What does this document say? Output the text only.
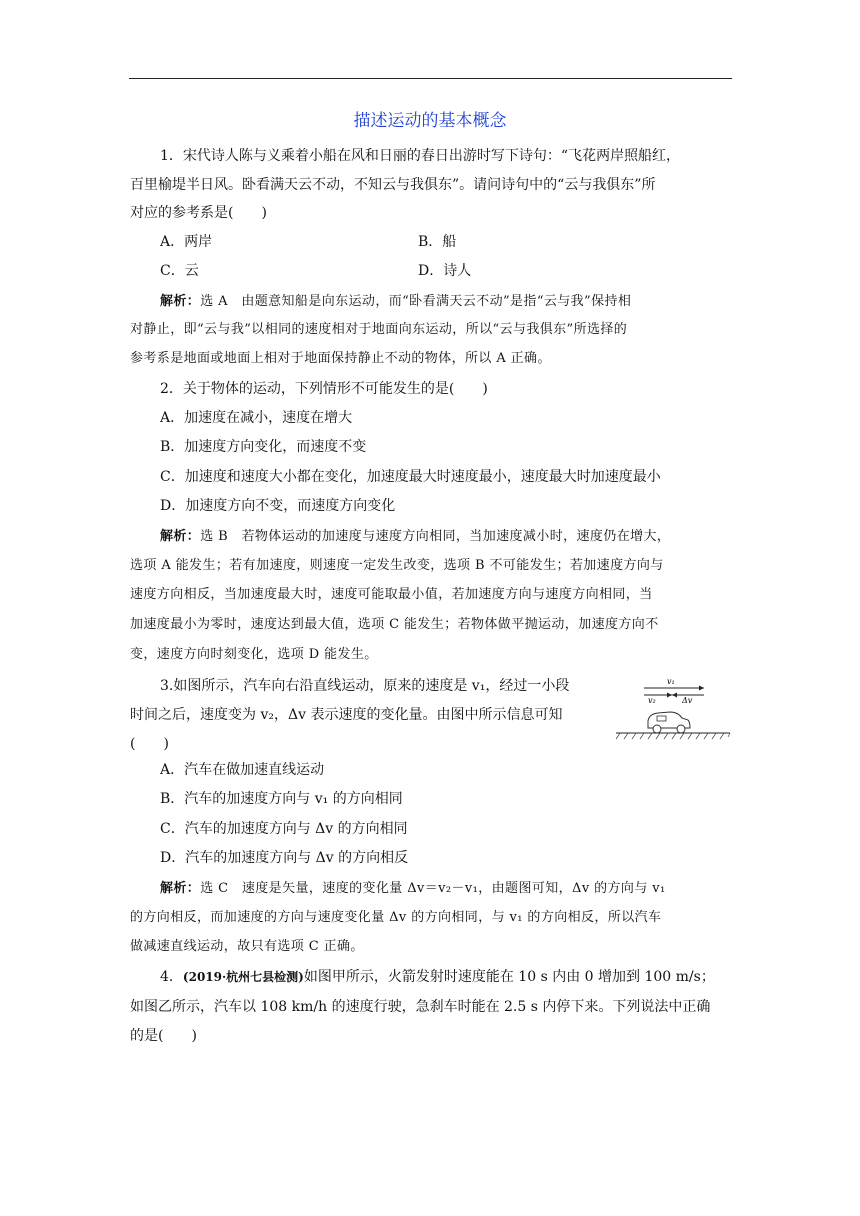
描述运动的基本概念
1．宋代诗人陈与义乘着小船在风和日丽的春日出游时写下诗句：“飞花两岸照船红，
百里榆堤半日风。卧看满天云不动，不知云与我俱东”。请问诗句中的“云与我俱东”所
对应的参考系是(　　)
A．两岸	B．船
C．云	D．诗人
解析：选 A　由题意知船是向东运动，而“卧看满天云不动”是指“云与我”保持相
对静止，即“云与我”以相同的速度相对于地面向东运动，所以“云与我俱东”所选择的
参考系是地面或地面上相对于地面保持静止不动的物体，所以 A 正确。
2．关于物体的运动，下列情形不可能发生的是(　　)
A．加速度在减小，速度在增大
B．加速度方向变化，而速度不变
C．加速度和速度大小都在变化，加速度最大时速度最小，速度最大时加速度最小
D．加速度方向不变，而速度方向变化
解析：选 B　若物体运动的加速度与速度方向相同，当加速度减小时，速度仍在增大，
选项 A 能发生；若有加速度，则速度一定发生改变，选项 B 不可能发生；若加速度方向与
速度方向相反，当加速度最大时，速度可能取最小值，若加速度方向与速度方向相同，当
加速度最小为零时，速度达到最大值，选项 C 能发生；若物体做平抛运动，加速度方向不
变，速度方向时刻变化，选项 D 能发生。
3.如图所示，汽车向右沿直线运动，原来的速度是 v₁，经过一小段
时间之后，速度变为 v₂，Δv 表示速度的变化量。由图中所示信息可知
(　　)
v₁
v₂	Δv
A．汽车在做加速直线运动
B．汽车的加速度方向与 v₁ 的方向相同
C．汽车的加速度方向与 Δv 的方向相同
D．汽车的加速度方向与 Δv 的方向相反
解析：选 C　速度是矢量，速度的变化量 Δv＝v₂－v₁，由题图可知，Δv 的方向与 v₁
的方向相反，而加速度的方向与速度变化量 Δv 的方向相同，与 v₁ 的方向相反，所以汽车
做减速直线运动，故只有选项 C 正确。
4．(2019·杭州七县检测)如图甲所示，火箭发射时速度能在 10 s 内由 0 增加到 100 m/s；
如图乙所示，汽车以 108 km/h 的速度行驶，急刹车时能在 2.5 s 内停下来。下列说法中正确
的是(　　)
